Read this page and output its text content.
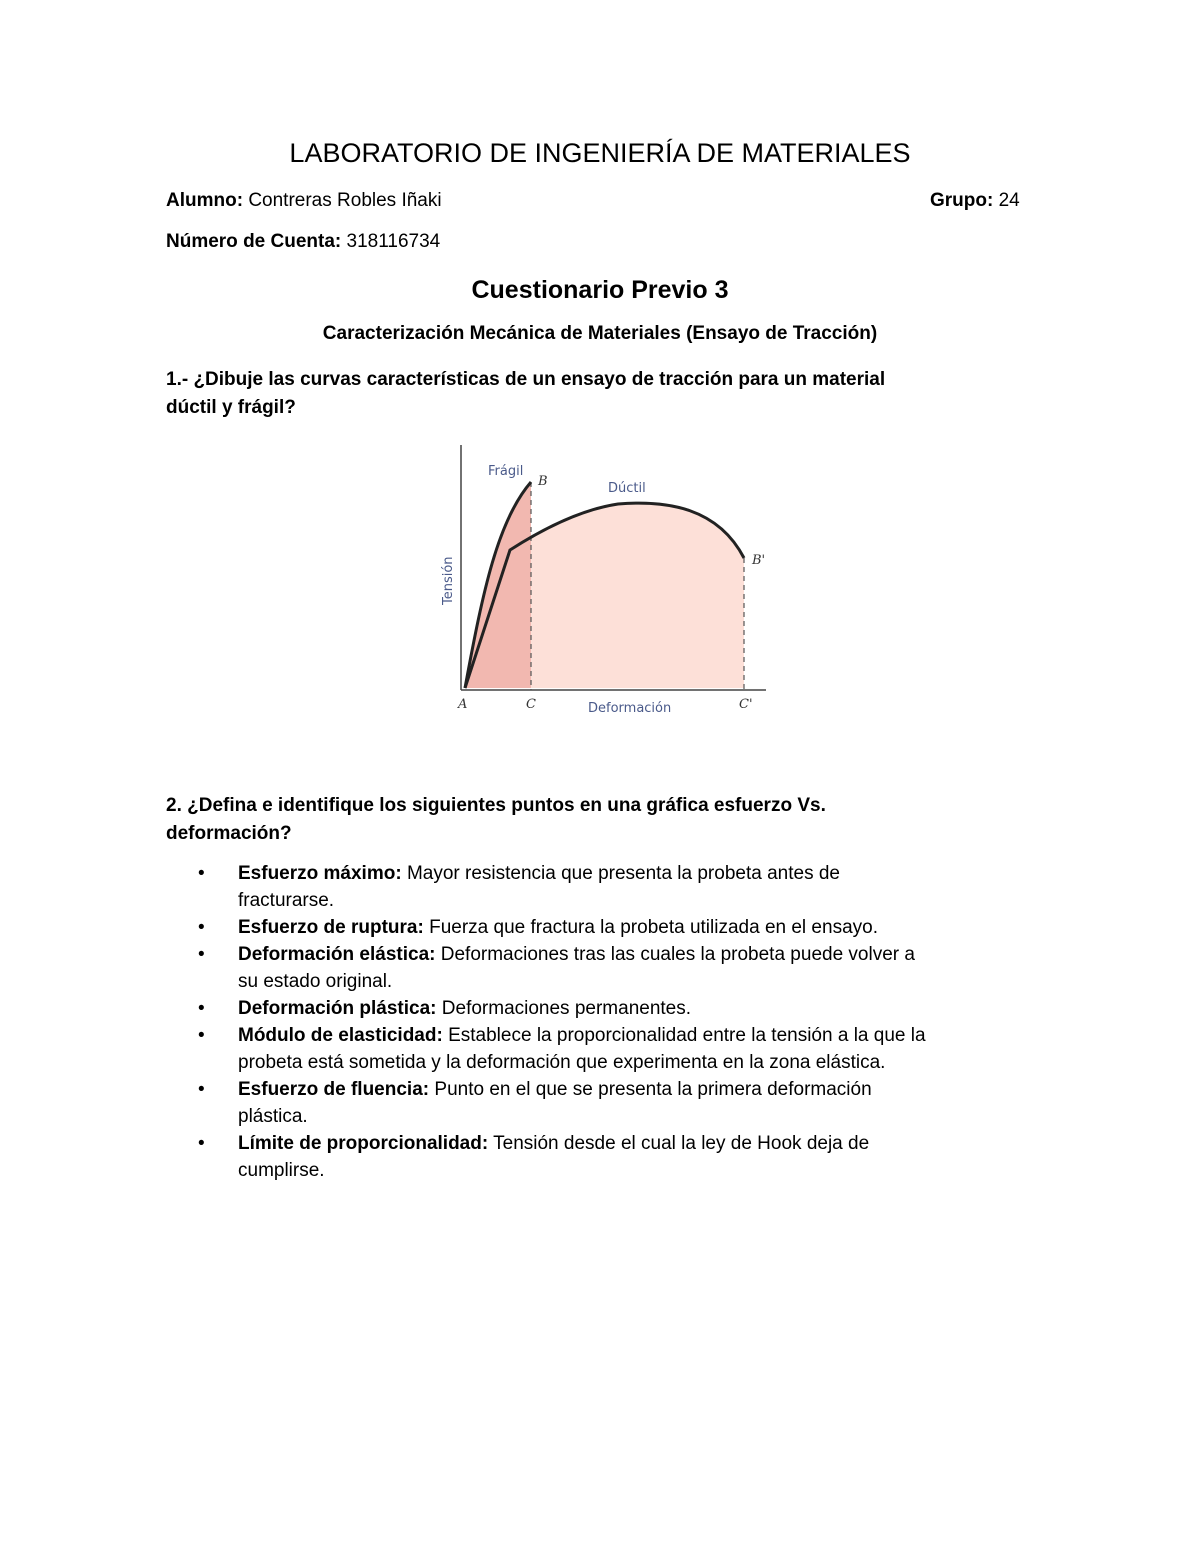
LABORATORIO DE INGENIERÍA DE MATERIALES
Alumno: Contreras Robles Iñaki	Grupo: 24
Número de Cuenta: 318116734
Cuestionario Previo 3
Caracterización Mecánica de Materiales (Ensayo de Tracción)
1.- ¿Dibuje las curvas características de un ensayo de tracción para un material
dúctil y frágil?
Frágil
Dúctil
Tensión
Deformación
A
B
B'
C	C'
2. ¿Defina e identifique los siguientes puntos en una gráfica esfuerzo Vs.
deformación?
• Esfuerzo máximo: Mayor resistencia que presenta la probeta antes de
fracturarse.
• Esfuerzo de ruptura: Fuerza que fractura la probeta utilizada en el ensayo.
• Deformación elástica: Deformaciones tras las cuales la probeta puede volver a
su estado original.
• Deformación plástica: Deformaciones permanentes.
• Módulo de elasticidad: Establece la proporcionalidad entre la tensión a la que la
probeta está sometida y la deformación que experimenta en la zona elástica.
• Esfuerzo de fluencia: Punto en el que se presenta la primera deformación
plástica.
• Límite de proporcionalidad: Tensión desde el cual la ley de Hook deja de
cumplirse.
